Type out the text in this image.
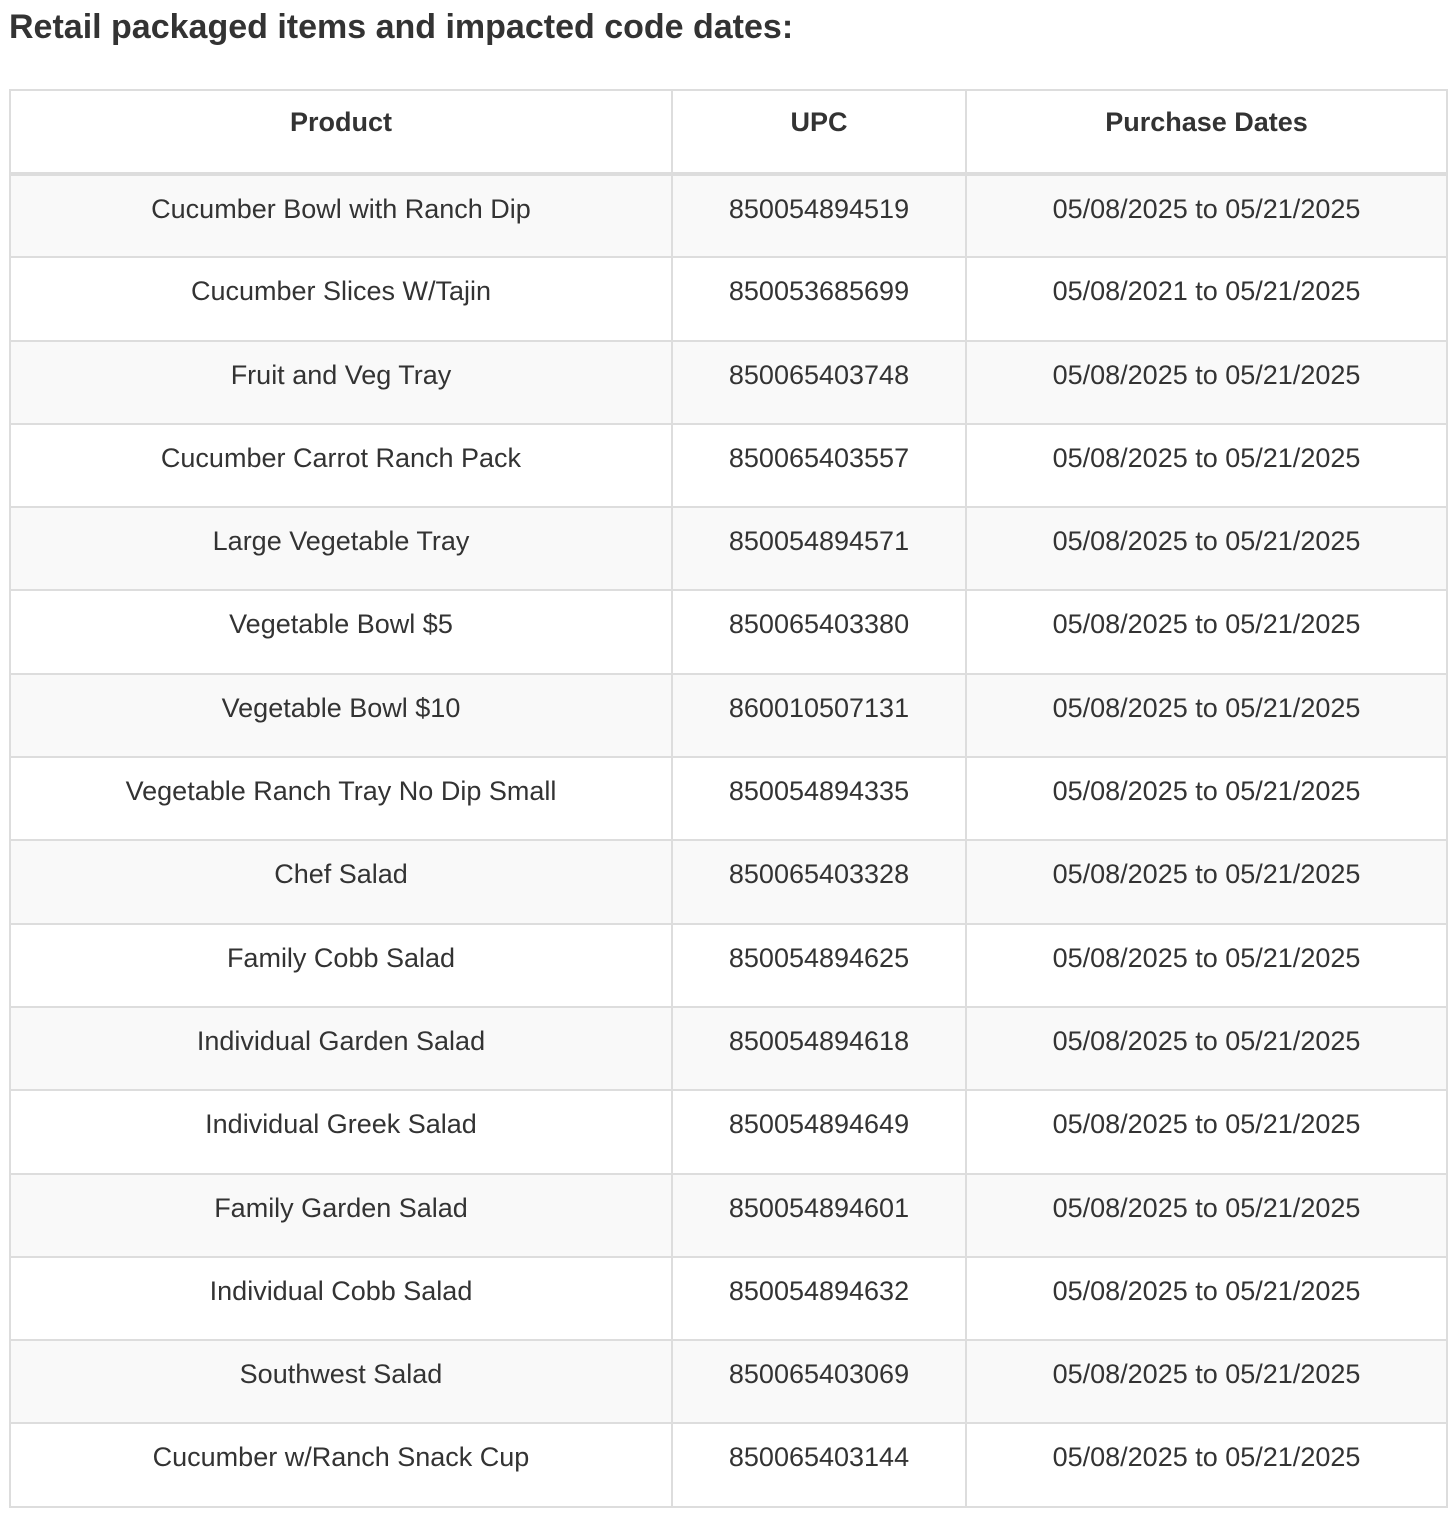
Retail packaged items and impacted code dates:
Product	UPC	Purchase Dates
Cucumber Bowl with Ranch Dip	850054894519	05/08/2025 to 05/21/2025
Cucumber Slices W/Tajin	850053685699	05/08/2021 to 05/21/2025
Fruit and Veg Tray	850065403748	05/08/2025 to 05/21/2025
Cucumber Carrot Ranch Pack	850065403557	05/08/2025 to 05/21/2025
Large Vegetable Tray	850054894571	05/08/2025 to 05/21/2025
Vegetable Bowl $5	850065403380	05/08/2025 to 05/21/2025
Vegetable Bowl $10	860010507131	05/08/2025 to 05/21/2025
Vegetable Ranch Tray No Dip Small	850054894335	05/08/2025 to 05/21/2025
Chef Salad	850065403328	05/08/2025 to 05/21/2025
Family Cobb Salad	850054894625	05/08/2025 to 05/21/2025
Individual Garden Salad	850054894618	05/08/2025 to 05/21/2025
Individual Greek Salad	850054894649	05/08/2025 to 05/21/2025
Family Garden Salad	850054894601	05/08/2025 to 05/21/2025
Individual Cobb Salad	850054894632	05/08/2025 to 05/21/2025
Southwest Salad	850065403069	05/08/2025 to 05/21/2025
Cucumber w/Ranch Snack Cup	850065403144	05/08/2025 to 05/21/2025
